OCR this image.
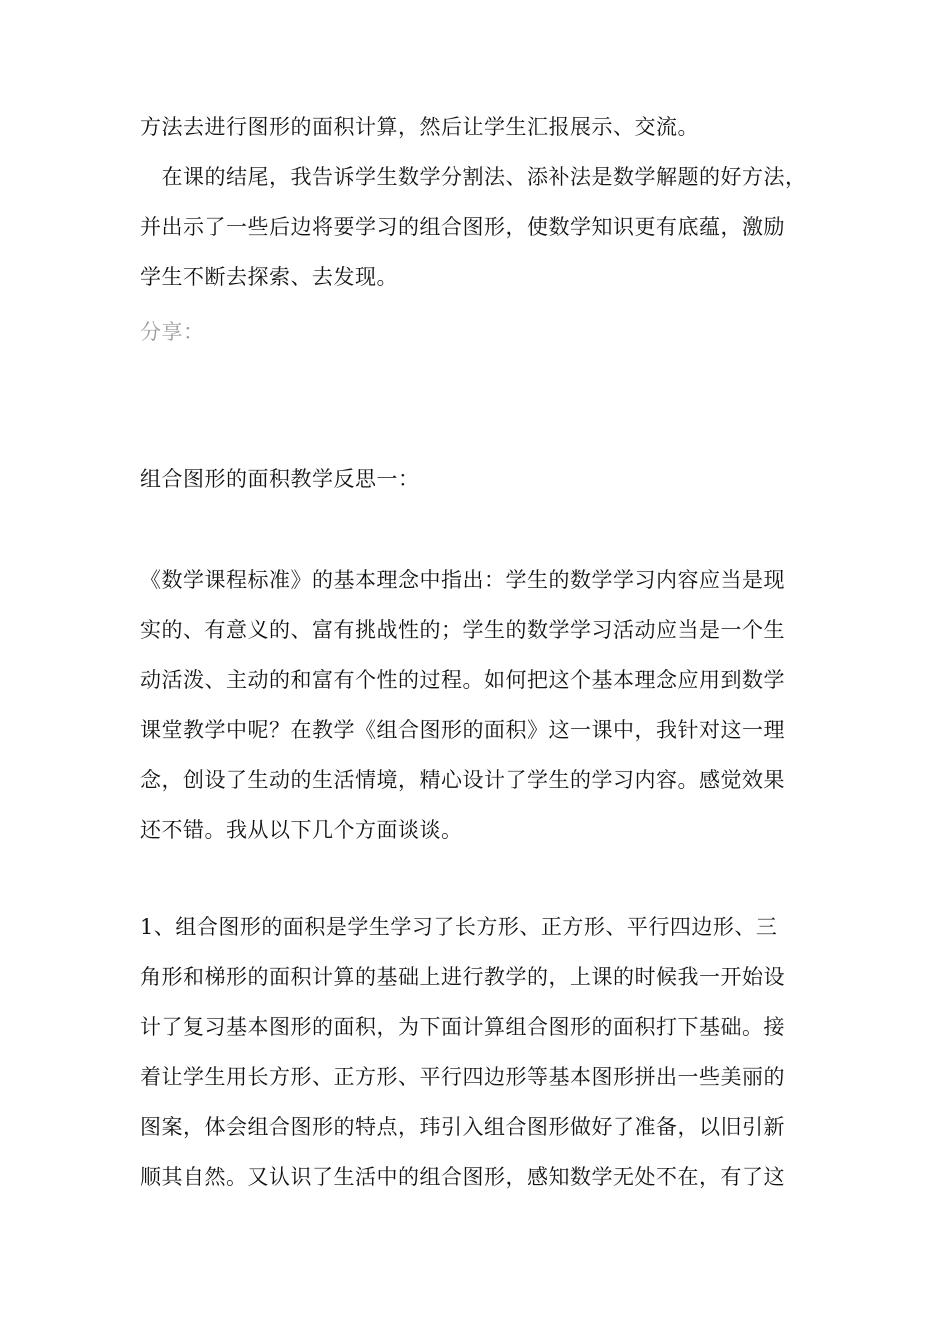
方法去进行图形的面积计算，然后让学生汇报展示、交流。
　在课的结尾，我告诉学生数学分割法、添补法是数学解题的好方法，
并出示了一些后边将要学习的组合图形，使数学知识更有底蕴，激励
学生不断去探索、去发现。
分享：
组合图形的面积教学反思一：
《数学课程标准》的基本理念中指出：学生的数学学习内容应当是现
实的、有意义的、富有挑战性的；学生的数学学习活动应当是一个生
动活泼、主动的和富有个性的过程。如何把这个基本理念应用到数学
课堂教学中呢？在教学《组合图形的面积》这一课中，我针对这一理
念，创设了生动的生活情境，精心设计了学生的学习内容。感觉效果
还不错。我从以下几个方面谈谈。
1、组合图形的面积是学生学习了长方形、正方形、平行四边形、三
角形和梯形的面积计算的基础上进行教学的，上课的时候我一开始设
计了复习基本图形的面积，为下面计算组合图形的面积打下基础。接
着让学生用长方形、正方形、平行四边形等基本图形拼出一些美丽的
图案，体会组合图形的特点，玮引入组合图形做好了准备，以旧引新
顺其自然。又认识了生活中的组合图形，感知数学无处不在，有了这
